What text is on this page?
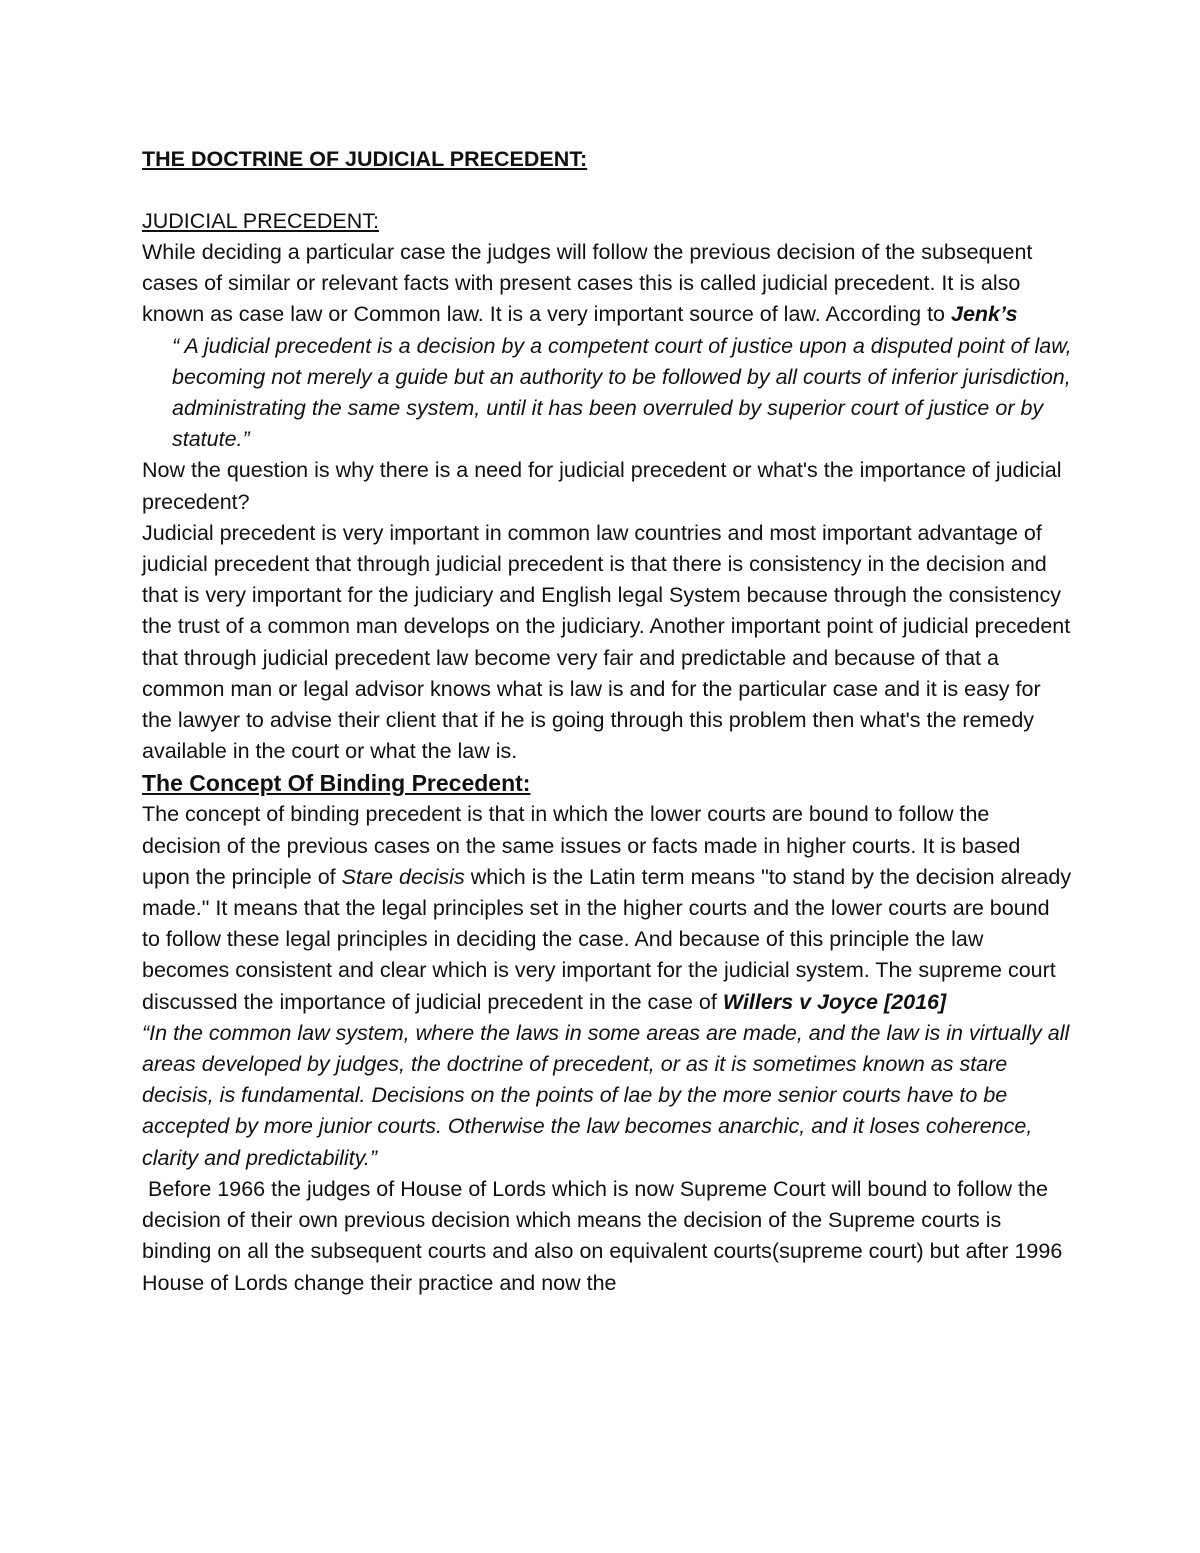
THE DOCTRINE OF JUDICIAL PRECEDENT:
JUDICIAL PRECEDENT:

While deciding a particular case the judges will follow the previous decision of the subsequent cases of similar or relevant facts with present cases this is called judicial precedent. It is also known as case law or Common law. It is a very important source of law. According to Jenk’s

“ A judicial precedent is a decision by a competent court of justice upon a disputed point of law, becoming not merely a guide but an authority to be followed by all courts of inferior jurisdiction, administrating the same system, until it has been overruled by superior court of justice or by statute.”

Now the question is why there is a need for judicial precedent or what's the importance of judicial precedent?

Judicial precedent is very important in common law countries and most important advantage of judicial precedent that through judicial precedent is that there is consistency in the decision and that is very important for the judiciary and English legal System because through the consistency the trust of a common man develops on the judiciary. Another important point of judicial precedent that through judicial precedent law become very fair and predictable and because of that a common man or legal advisor knows what is law is and for the particular case and it is easy for the lawyer to advise their client that if he is going through this problem then what's the remedy available in the court or what the law is.

The Concept Of Binding Precedent:

The concept of binding precedent is that in which the lower courts are bound to follow the decision of the previous cases on the same issues or facts made in higher courts. It is based upon the principle of Stare decisis which is the Latin term means "to stand by the decision already made." It means that the legal principles set in the higher courts and the lower courts are bound to follow these legal principles in deciding the case. And because of this principle the law becomes consistent and clear which is very important for the judicial system. The supreme court discussed the importance of judicial precedent in the case of Willers v Joyce [2016]

“In the common law system, where the laws in some areas are made, and the law is in virtually all areas developed by judges, the doctrine of precedent, or as it is sometimes known as stare decisis, is fundamental. Decisions on the points of lae by the more senior courts have to be accepted by more junior courts. Otherwise the law becomes anarchic, and it loses coherence, clarity and predictability.”

Before 1966 the judges of House of Lords which is now Supreme Court will bound to follow the decision of their own previous decision which means the decision of the Supreme courts is binding on all the subsequent courts and also on equivalent courts(supreme court) but after 1996 House of Lords change their practice and now the
